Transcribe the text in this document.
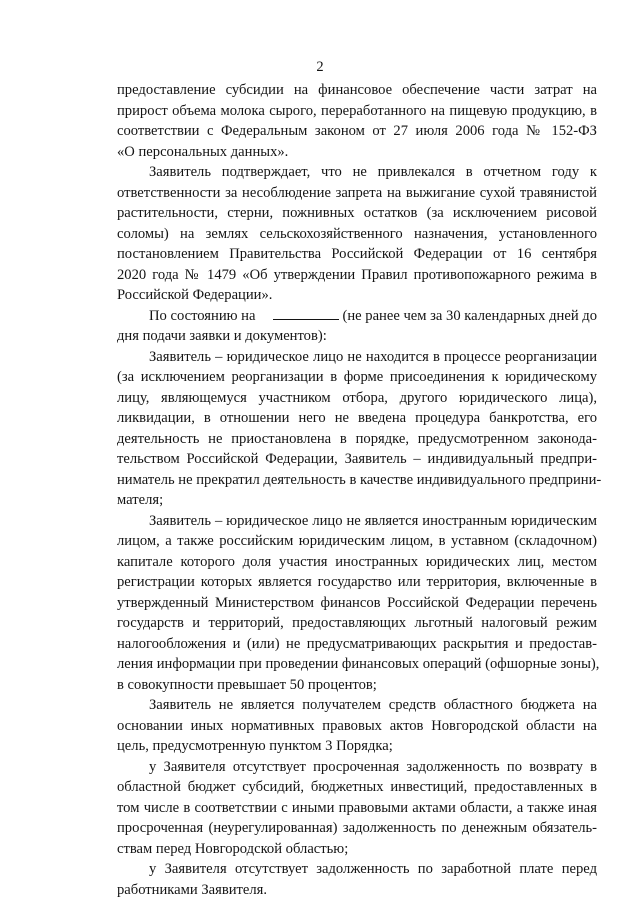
2
предоставление субсидии на финансовое обеспечение части затрат на
прирост объема молока сырого, переработанного на пищевую продукцию, в
соответствии с Федеральным законом от 27 июля 2006 года № 152-ФЗ
«О персональных данных».
Заявитель подтверждает, что не привлекался в отчетном году к
ответственности за несоблюдение запрета на выжигание сухой травянистой
растительности, стерни, пожнивных остатков (за исключением рисовой
соломы) на землях сельскохозяйственного назначения, установленного
постановлением Правительства Российской Федерации от 16 сентября
2020 года № 1479 «Об утверждении Правил противопожарного режима в
Российской Федерации».
По состоянию на	(не ранее чем за 30 календарных дней до
дня подачи заявки и документов):
Заявитель – юридическое лицо не находится в процессе реорганизации
(за исключением реорганизации в форме присоединения к юридическому
лицу, являющемуся участником отбора, другого юридического лица),
ликвидации, в отношении него не введена процедура банкротства, его
деятельность не приостановлена в порядке, предусмотренном законода-
тельством Российской Федерации, Заявитель – индивидуальный предпри-
ниматель не прекратил деятельность в качестве индивидуального предприни-
мателя;
Заявитель – юридическое лицо не является иностранным юридическим
лицом, а также российским юридическим лицом, в уставном (складочном)
капитале которого доля участия иностранных юридических лиц, местом
регистрации которых является государство или территория, включенные в
утвержденный Министерством финансов Российской Федерации перечень
государств и территорий, предоставляющих льготный налоговый режим
налогообложения и (или) не предусматривающих раскрытия и предостав-
ления информации при проведении финансовых операций (офшорные зоны),
в совокупности превышает 50 процентов;
Заявитель не является получателем средств областного бюджета на
основании иных нормативных правовых актов Новгородской области на
цель, предусмотренную пунктом 3 Порядка;
у Заявителя отсутствует просроченная задолженность по возврату в
областной бюджет субсидий, бюджетных инвестиций, предоставленных в
том числе в соответствии с иными правовыми актами области, а также иная
просроченная (неурегулированная) задолженность по денежным обязатель-
ствам перед Новгородской областью;
у Заявителя отсутствует задолженность по заработной плате перед
работниками Заявителя.
